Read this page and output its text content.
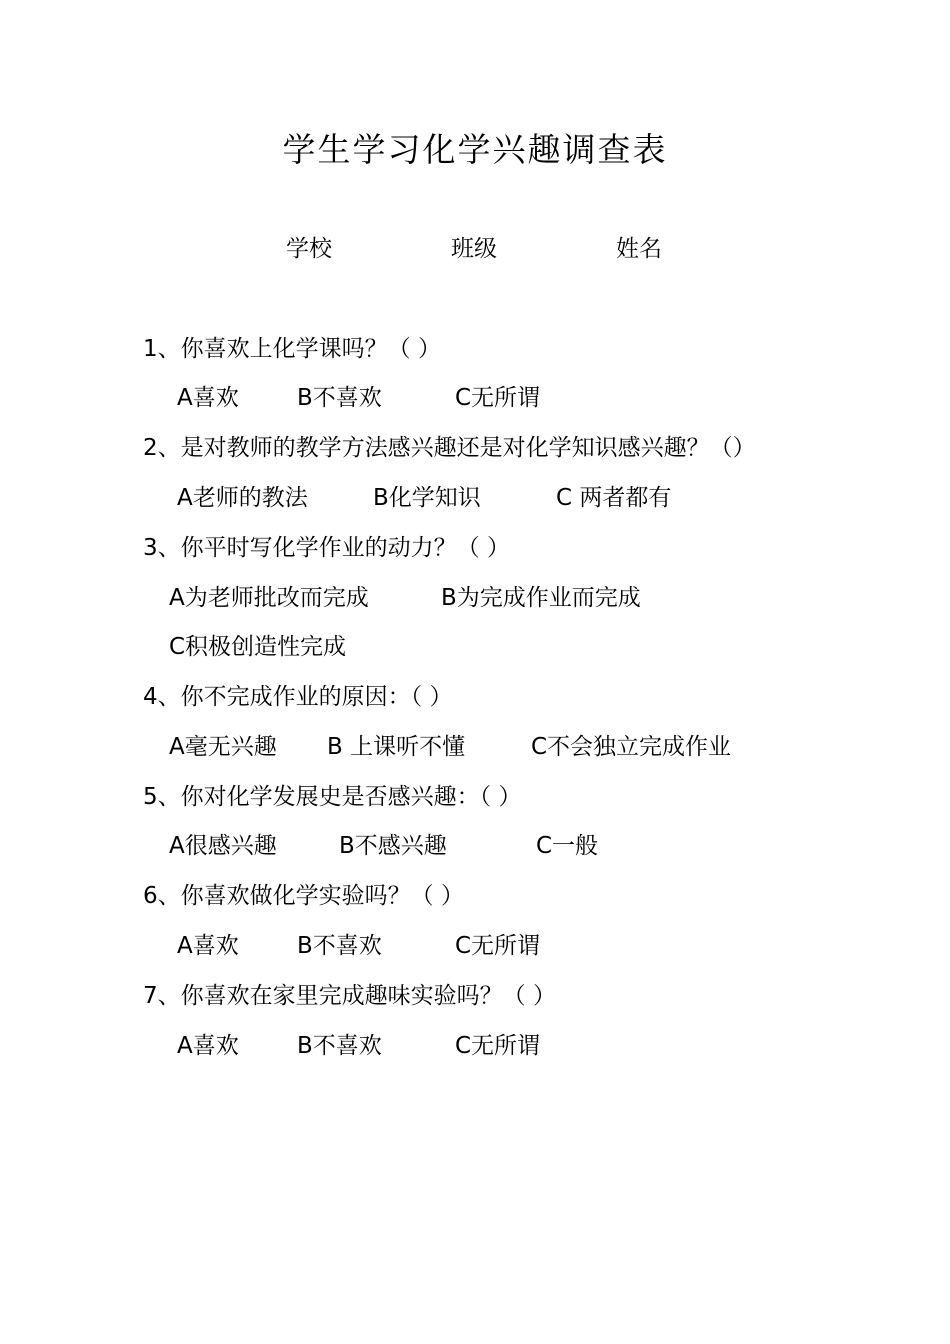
学生学习化学兴趣调查表
学校	班级	姓名
1、你喜欢上化学课吗？（ ）
A喜欢	B不喜欢	C无所谓
2、是对教师的教学方法感兴趣还是对化学知识感兴趣？（）
A老师的教法	B化学知识	C 两者都有
3、你平时写化学作业的动力？（ ）
A为老师批改而完成	B为完成作业而完成
C积极创造性完成
4、你不完成作业的原因：（ ）
A毫无兴趣 B 上课听不懂	C不会独立完成作业
5、你对化学发展史是否感兴趣：（ ）
A很感兴趣	B不感兴趣	C一般
6、你喜欢做化学实验吗？（ ）
A喜欢	B不喜欢	C无所谓
7、你喜欢在家里完成趣味实验吗？（ ）
A喜欢	B不喜欢	C无所谓
